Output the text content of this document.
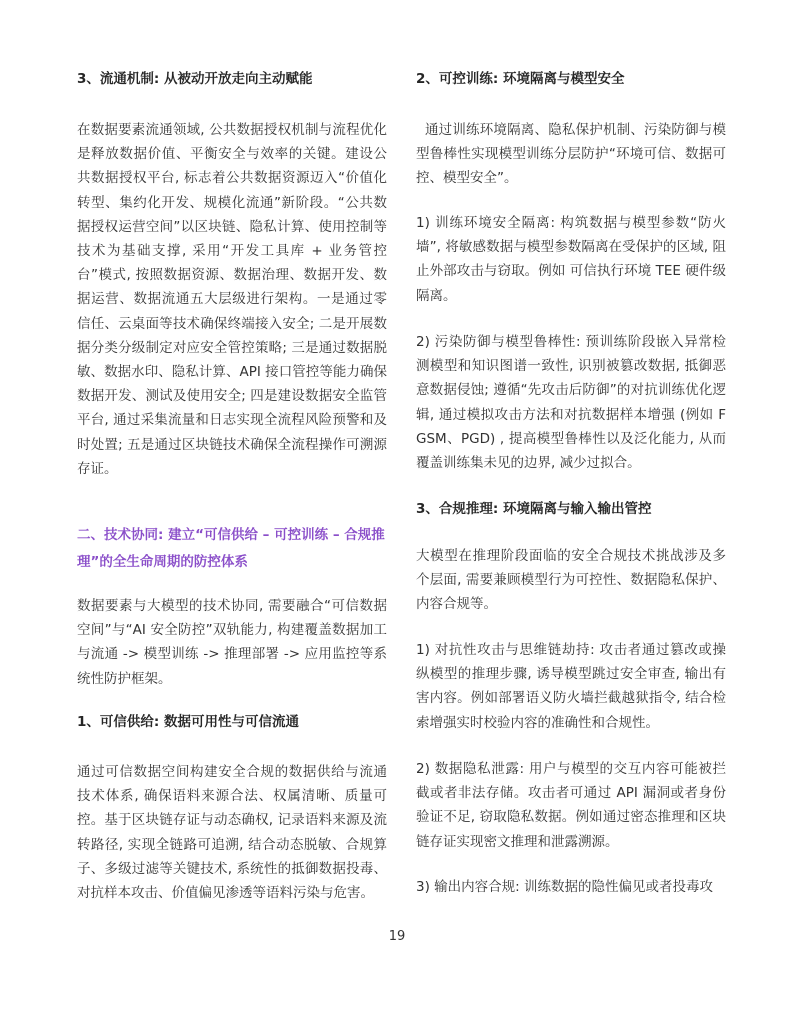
3、流通机制: 从被动开放走向主动赋能

在数据要素流通领域, 公共数据授权机制与流程优化是释放数据价值、平衡安全与效率的关键。建设公共数据授权平台, 标志着公共数据资源迈入“价值化转型、集约化开发、规模化流通”新阶段。“公共数据授权运营空间”以区块链、隐私计算、使用控制等技术为基础支撑, 采用“开发工具库 + 业务管控台”模式, 按照数据资源、数据治理、数据开发、数据运营、数据流通五大层级进行架构。一是通过零信任、云桌面等技术确保终端接入安全; 二是开展数据分类分级制定对应安全管控策略; 三是通过数据脱敏、数据水印、隐私计算、API 接口管控等能力确保数据开发、测试及使用安全; 四是建设数据安全监管平台, 通过采集流量和日志实现全流程风险预警和及时处置; 五是通过区块链技术确保全流程操作可溯源存证。

二、技术协同: 建立“可信供给 – 可控训练 – 合规推理”的全生命周期的防控体系

数据要素与大模型的技术协同, 需要融合“可信数据空间”与“AI 安全防控”双轨能力, 构建覆盖数据加工与流通 -> 模型训练 -> 推理部署 -> 应用监控等系统性防护框架。

1、可信供给: 数据可用性与可信流通

通过可信数据空间构建安全合规的数据供给与流通技术体系, 确保语料来源合法、权属清晰、质量可控。基于区块链存证与动态确权, 记录语料来源及流转路径, 实现全链路可追溯, 结合动态脱敏、合规算子、多级过滤等关键技术, 系统性的抵御数据投毒、对抗样本攻击、价值偏见渗透等语料污染与危害。

2、可控训练: 环境隔离与模型安全

通过训练环境隔离、隐私保护机制、污染防御与模型鲁棒性实现模型训练分层防护“环境可信、数据可控、模型安全”。

1) 训练环境安全隔离: 构筑数据与模型参数“防火墙”, 将敏感数据与模型参数隔离在受保护的区域, 阻止外部攻击与窃取。例如 可信执行环境 TEE 硬件级隔离。

2) 污染防御与模型鲁棒性: 预训练阶段嵌入异常检测模型和知识图谱一致性, 识别被篡改数据, 抵御恶意数据侵蚀; 遵循“先攻击后防御”的对抗训练优化逻辑, 通过模拟攻击方法和对抗数据样本增强 (例如 FGSM、PGD) , 提高模型鲁棒性以及泛化能力, 从而覆盖训练集未见的边界, 减少过拟合。

3、合规推理: 环境隔离与输入输出管控

大模型在推理阶段面临的安全合规技术挑战涉及多个层面, 需要兼顾模型行为可控性、数据隐私保护、内容合规等。

1) 对抗性攻击与思维链劫持: 攻击者通过篡改或操纵模型的推理步骤, 诱导模型跳过安全审查, 输出有害内容。例如部署语义防火墙拦截越狱指令, 结合检索增强实时校验内容的准确性和合规性。

2) 数据隐私泄露: 用户与模型的交互内容可能被拦截或者非法存储。攻击者可通过 API 漏洞或者身份验证不足, 窃取隐私数据。例如通过密态推理和区块链存证实现密文推理和泄露溯源。

3) 输出内容合规: 训练数据的隐性偏见或者投毒攻

19
